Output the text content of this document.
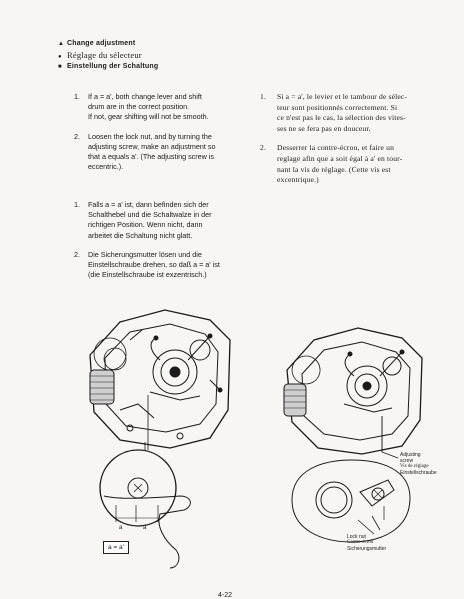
▲ Change adjustment
● Réglage du sélecteur
■ Einstellung der Schaltung
1. If a = a', both change lever and shift

drum are in the correct position.

If not, gear shifting will not be smooth.

2. Loosen the lock nut, and by turning the

adjusting screw, make an adjustment so

that a equals a'. (The adjusting screw is

eccentric.).

1. Si a = a', le levier et le tambour de sélec-

teur sont positionnés correctement. Si

ce n'est pas le cas, la sélection des vites-

ses ne se fera pas en douceur.

2. Desserrer la contre-écrou, et faire un

reglage afin que a soit égal à a' en tour-

nant la vis de réglage. (Cette vis est

excentrique.)

1. Falls a = a' ist, dann befinden sich der

Schalthebel und die Schaltwalze in der

richtigen Position. Wenn nicht, dann

arbeitet die Schaltung nicht glatt.

2. Die Sicherungsmutter lösen und die

Einstellschraube drehen, so daß a = a' ist

(die Einstellschraube ist exzentrisch.)

a	a'
a = a'
Adjusting
screw
Vis de réglage
Einstellschraube
Lock nut
Contre-écrou
Sicherungsmutter
4-22
